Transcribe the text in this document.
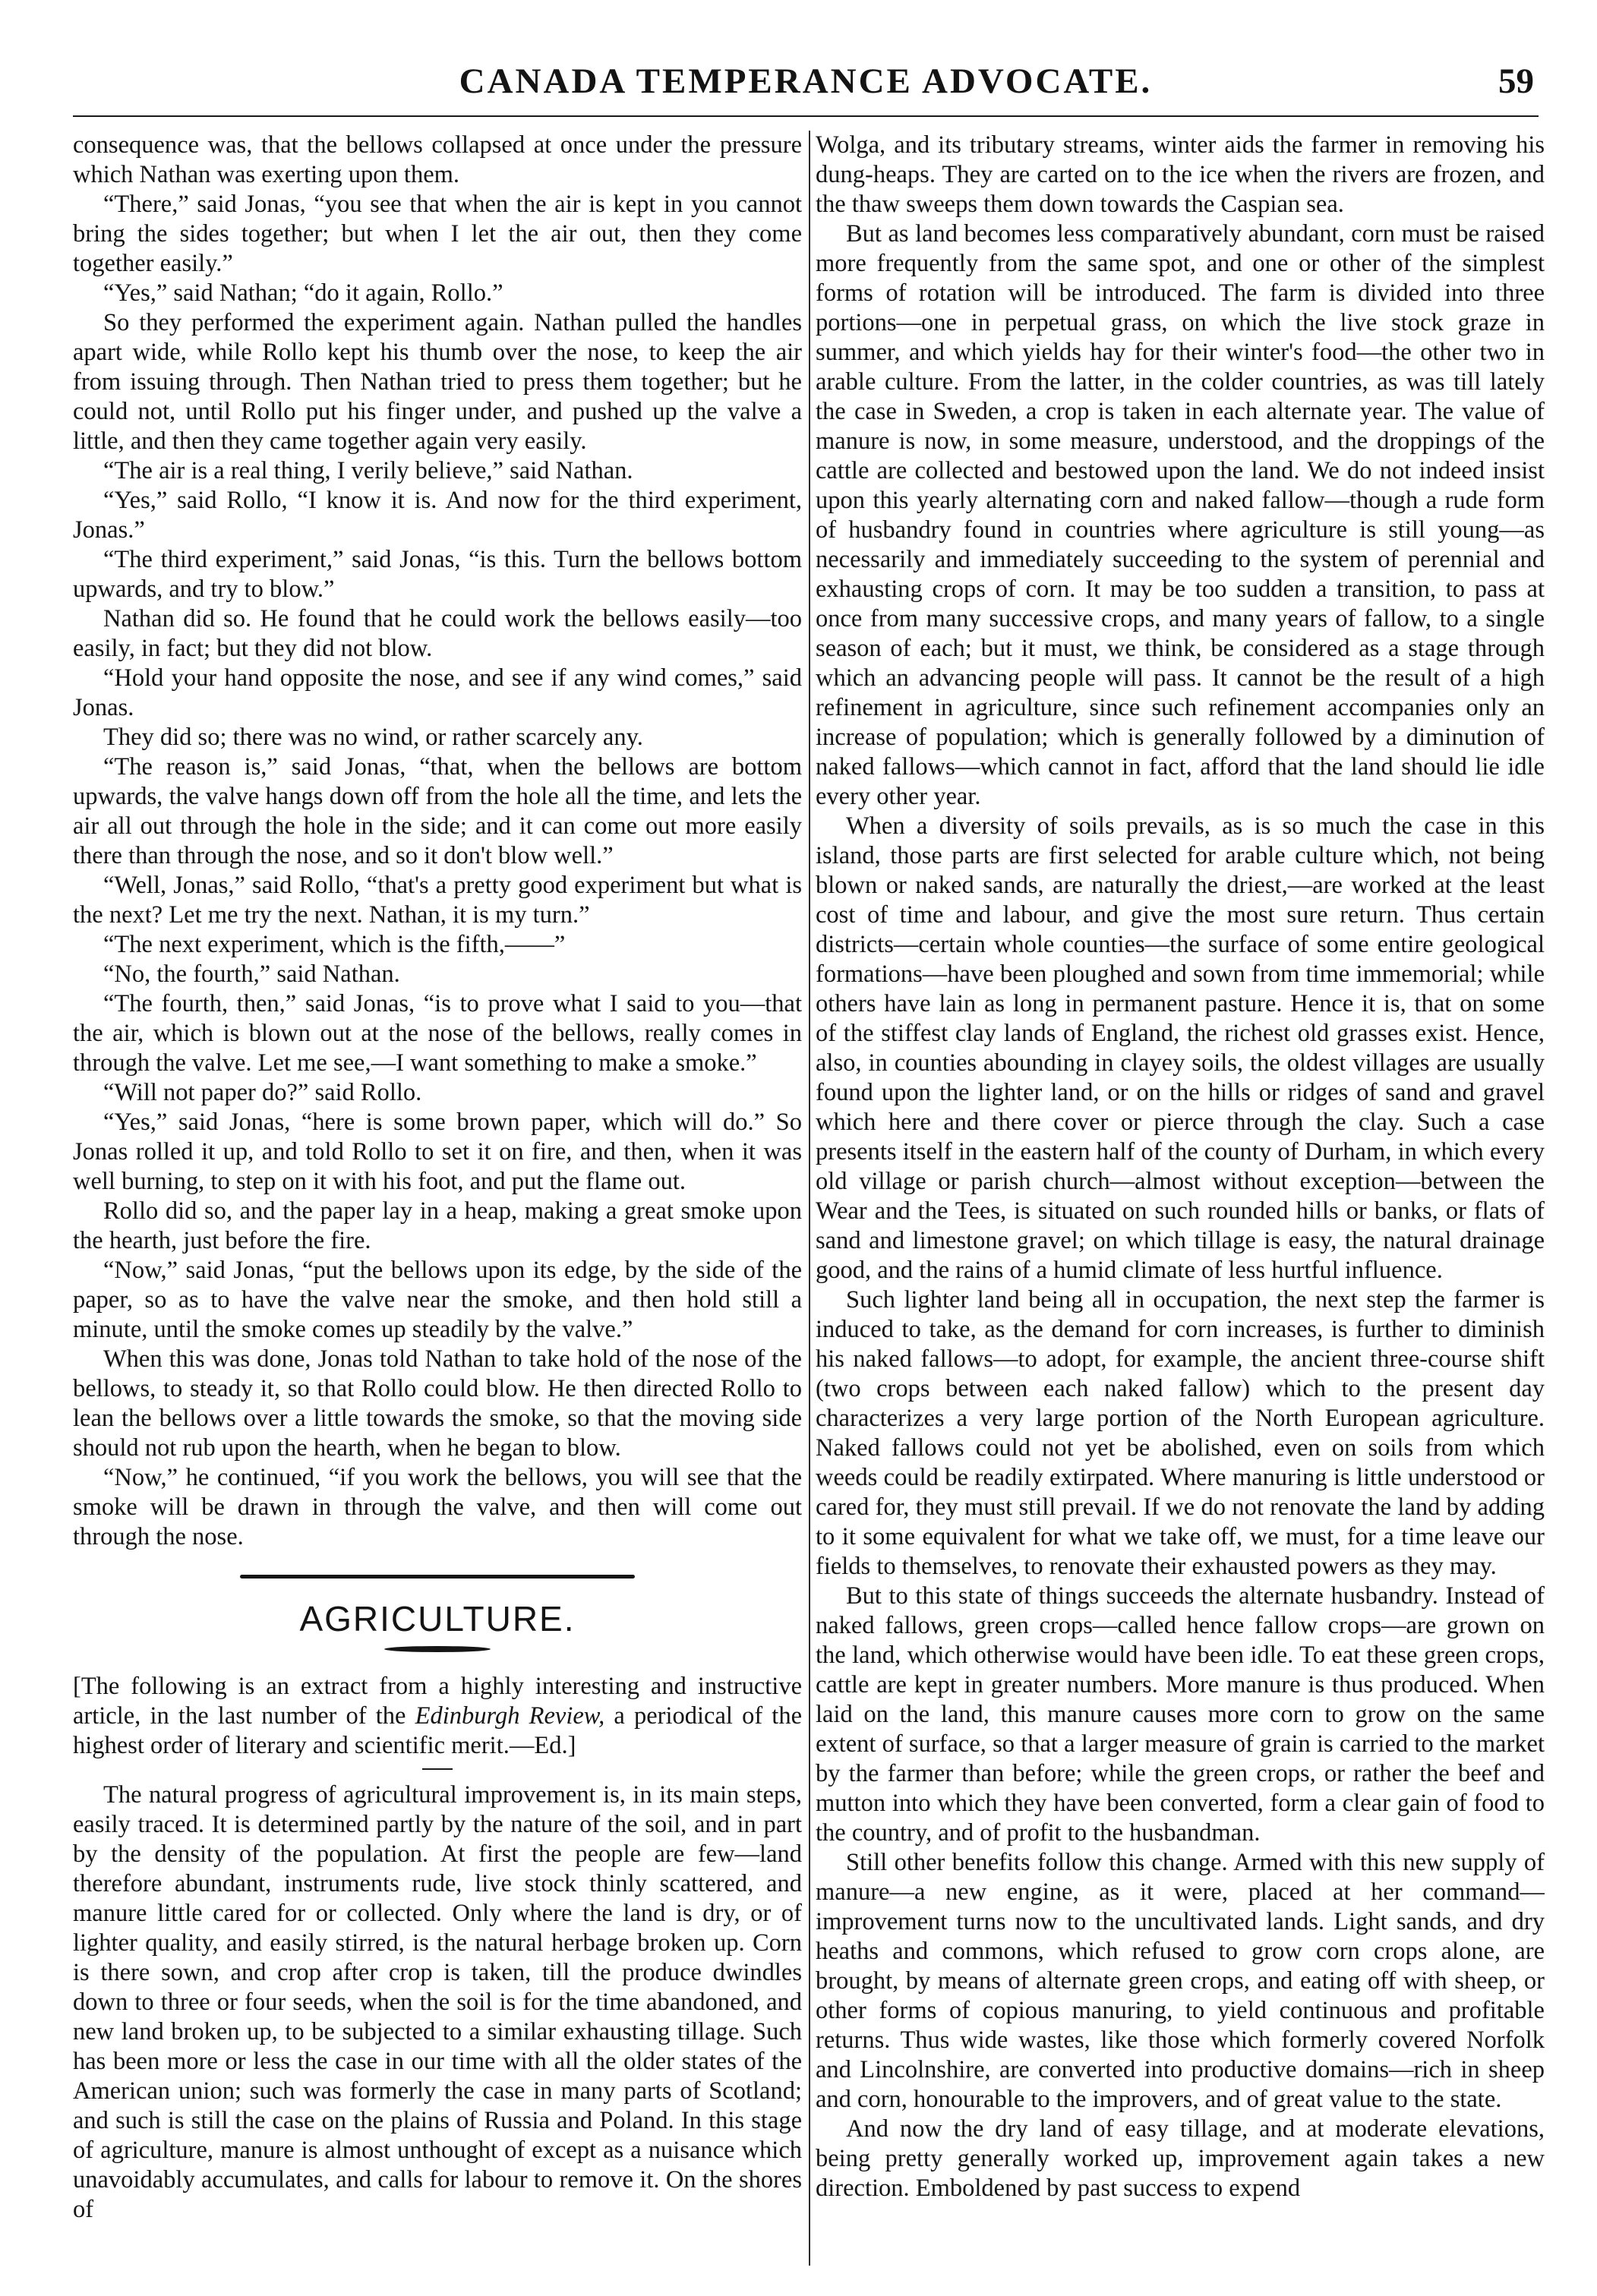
CANADA TEMPERANCE ADVOCATE.	59

consequence was, that the bellows collapsed at once under the pressure which Nathan was exerting upon them.

“There,” said Jonas, “you see that when the air is kept in you cannot bring the sides together; but when I let the air out, then they come together easily.”

“Yes,” said Nathan; “do it again, Rollo.”

So they performed the experiment again. Nathan pulled the handles apart wide, while Rollo kept his thumb over the nose, to keep the air from issuing through. Then Nathan tried to press them together; but he could not, until Rollo put his finger under, and pushed up the valve a little, and then they came together again very easily.

“The air is a real thing, I verily believe,” said Nathan.

“Yes,” said Rollo, “I know it is. And now for the third experiment, Jonas.”

“The third experiment,” said Jonas, “is this. Turn the bellows bottom upwards, and try to blow.”

Nathan did so. He found that he could work the bellows easily—too easily, in fact; but they did not blow.

“Hold your hand opposite the nose, and see if any wind comes,” said Jonas.

They did so; there was no wind, or rather scarcely any.

“The reason is,” said Jonas, “that, when the bellows are bottom upwards, the valve hangs down off from the hole all the time, and lets the air all out through the hole in the side; and it can come out more easily there than through the nose, and so it don't blow well.”

“Well, Jonas,” said Rollo, “that's a pretty good experiment but what is the next? Let me try the next. Nathan, it is my turn.”

“The next experiment, which is the fifth,——”

“No, the fourth,” said Nathan.

“The fourth, then,” said Jonas, “is to prove what I said to you—that the air, which is blown out at the nose of the bellows, really comes in through the valve. Let me see,—I want something to make a smoke.”

“Will not paper do?” said Rollo.

“Yes,” said Jonas, “here is some brown paper, which will do.” So Jonas rolled it up, and told Rollo to set it on fire, and then, when it was well burning, to step on it with his foot, and put the flame out.

Rollo did so, and the paper lay in a heap, making a great smoke upon the hearth, just before the fire.

“Now,” said Jonas, “put the bellows upon its edge, by the side of the paper, so as to have the valve near the smoke, and then hold still a minute, until the smoke comes up steadily by the valve.”

When this was done, Jonas told Nathan to take hold of the nose of the bellows, to steady it, so that Rollo could blow. He then directed Rollo to lean the bellows over a little towards the smoke, so that the moving side should not rub upon the hearth, when he began to blow.

“Now,” he continued, “if you work the bellows, you will see that the smoke will be drawn in through the valve, and then will come out through the nose.

AGRICULTURE.

[The following is an extract from a highly interesting and instructive article, in the last number of the Edinburgh Review, a periodical of the highest order of literary and scientific merit.—Ed.]

The natural progress of agricultural improvement is, in its main steps, easily traced. It is determined partly by the nature of the soil, and in part by the density of the population. At first the people are few—land therefore abundant, instruments rude, live stock thinly scattered, and manure little cared for or collected. Only where the land is dry, or of lighter quality, and easily stirred, is the natural herbage broken up. Corn is there sown, and crop after crop is taken, till the produce dwindles down to three or four seeds, when the soil is for the time abandoned, and new land broken up, to be subjected to a similar exhausting tillage. Such has been more or less the case in our time with all the older states of the American union; such was formerly the case in many parts of Scotland; and such is still the case on the plains of Russia and Poland. In this stage of agriculture, manure is almost unthought of except as a nuisance which unavoidably accumulates, and calls for labour to remove it. On the shores of

Wolga, and its tributary streams, winter aids the farmer in removing his dung-heaps. They are carted on to the ice when the rivers are frozen, and the thaw sweeps them down towards the Caspian sea.

But as land becomes less comparatively abundant, corn must be raised more frequently from the same spot, and one or other of the simplest forms of rotation will be introduced. The farm is divided into three portions—one in perpetual grass, on which the live stock graze in summer, and which yields hay for their winter's food—the other two in arable culture. From the latter, in the colder countries, as was till lately the case in Sweden, a crop is taken in each alternate year. The value of manure is now, in some measure, understood, and the droppings of the cattle are collected and bestowed upon the land. We do not indeed insist upon this yearly alternating corn and naked fallow—though a rude form of husbandry found in countries where agriculture is still young—as necessarily and immediately succeeding to the system of perennial and exhausting crops of corn. It may be too sudden a transition, to pass at once from many successive crops, and many years of fallow, to a single season of each; but it must, we think, be considered as a stage through which an advancing people will pass. It cannot be the result of a high refinement in agriculture, since such refinement accompanies only an increase of population; which is generally followed by a diminution of naked fallows—which cannot in fact, afford that the land should lie idle every other year.

When a diversity of soils prevails, as is so much the case in this island, those parts are first selected for arable culture which, not being blown or naked sands, are naturally the driest,—are worked at the least cost of time and labour, and give the most sure return. Thus certain districts—certain whole counties—the surface of some entire geological formations—have been ploughed and sown from time immemorial; while others have lain as long in permanent pasture. Hence it is, that on some of the stiffest clay lands of England, the richest old grasses exist. Hence, also, in counties abounding in clayey soils, the oldest villages are usually found upon the lighter land, or on the hills or ridges of sand and gravel which here and there cover or pierce through the clay. Such a case presents itself in the eastern half of the county of Durham, in which every old village or parish church—almost without exception—between the Wear and the Tees, is situated on such rounded hills or banks, or flats of sand and limestone gravel; on which tillage is easy, the natural drainage good, and the rains of a humid climate of less hurtful influence.

Such lighter land being all in occupation, the next step the farmer is induced to take, as the demand for corn increases, is further to diminish his naked fallows—to adopt, for example, the ancient three-course shift (two crops between each naked fallow) which to the present day characterizes a very large portion of the North European agriculture. Naked fallows could not yet be abolished, even on soils from which weeds could be readily extirpated. Where manuring is little understood or cared for, they must still prevail. If we do not renovate the land by adding to it some equivalent for what we take off, we must, for a time leave our fields to themselves, to renovate their exhausted powers as they may.

But to this state of things succeeds the alternate husbandry. Instead of naked fallows, green crops—called hence fallow crops—are grown on the land, which otherwise would have been idle. To eat these green crops, cattle are kept in greater numbers. More manure is thus produced. When laid on the land, this manure causes more corn to grow on the same extent of surface, so that a larger measure of grain is carried to the market by the farmer than before; while the green crops, or rather the beef and mutton into which they have been converted, form a clear gain of food to the country, and of profit to the husbandman.

Still other benefits follow this change. Armed with this new supply of manure—a new engine, as it were, placed at her command—improvement turns now to the uncultivated lands. Light sands, and dry heaths and commons, which refused to grow corn crops alone, are brought, by means of alternate green crops, and eating off with sheep, or other forms of copious manuring, to yield continuous and profitable returns. Thus wide wastes, like those which formerly covered Norfolk and Lincolnshire, are converted into productive domains—rich in sheep and corn, honourable to the improvers, and of great value to the state.

And now the dry land of easy tillage, and at moderate elevations, being pretty generally worked up, improvement again takes a new direction. Emboldened by past success to expend
